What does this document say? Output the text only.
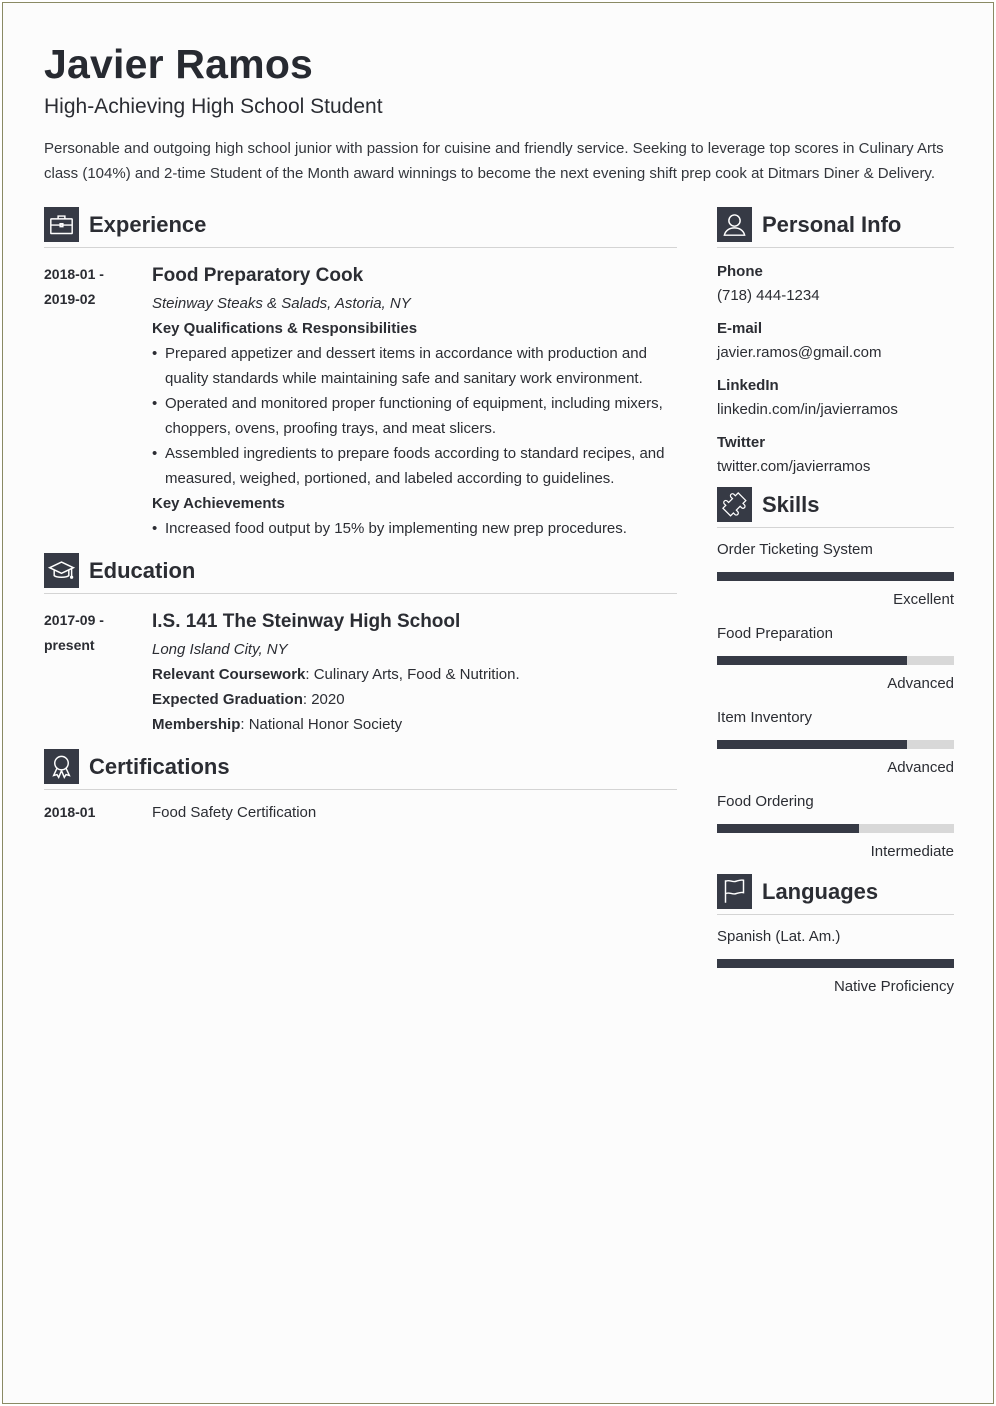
Javier Ramos
High-Achieving High School Student
Personable and outgoing high school junior with passion for cuisine and friendly service. Seeking to leverage top scores in Culinary Arts class (104%) and 2-time Student of the Month award winnings to become the next evening shift prep cook at Ditmars Diner & Delivery.
Experience
2018-01 -
2019-02
Food Preparatory Cook
Steinway Steaks & Salads, Astoria, NY
Key Qualifications & Responsibilities
• Prepared appetizer and dessert items in accordance with production and quality standards while maintaining safe and sanitary work environment.
• Operated and monitored proper functioning of equipment, including mixers, choppers, ovens, proofing trays, and meat slicers.
• Assembled ingredients to prepare foods according to standard recipes, and measured, weighed, portioned, and labeled according to guidelines.
Key Achievements
• Increased food output by 15% by implementing new prep procedures.
Education
2017-09 -
present
I.S. 141 The Steinway High School
Long Island City, NY
Relevant Coursework: Culinary Arts, Food & Nutrition.
Expected Graduation: 2020
Membership: National Honor Society
Certifications
2018-01	Food Safety Certification
Personal Info
Phone
(718) 444-1234
E-mail
javier.ramos@gmail.com
LinkedIn
linkedin.com/in/javierramos
Twitter
twitter.com/javierramos
Skills
Order Ticketing System
Excellent
Food Preparation
Advanced
Item Inventory
Advanced
Food Ordering
Intermediate
Languages
Spanish (Lat. Am.)
Native Proficiency
